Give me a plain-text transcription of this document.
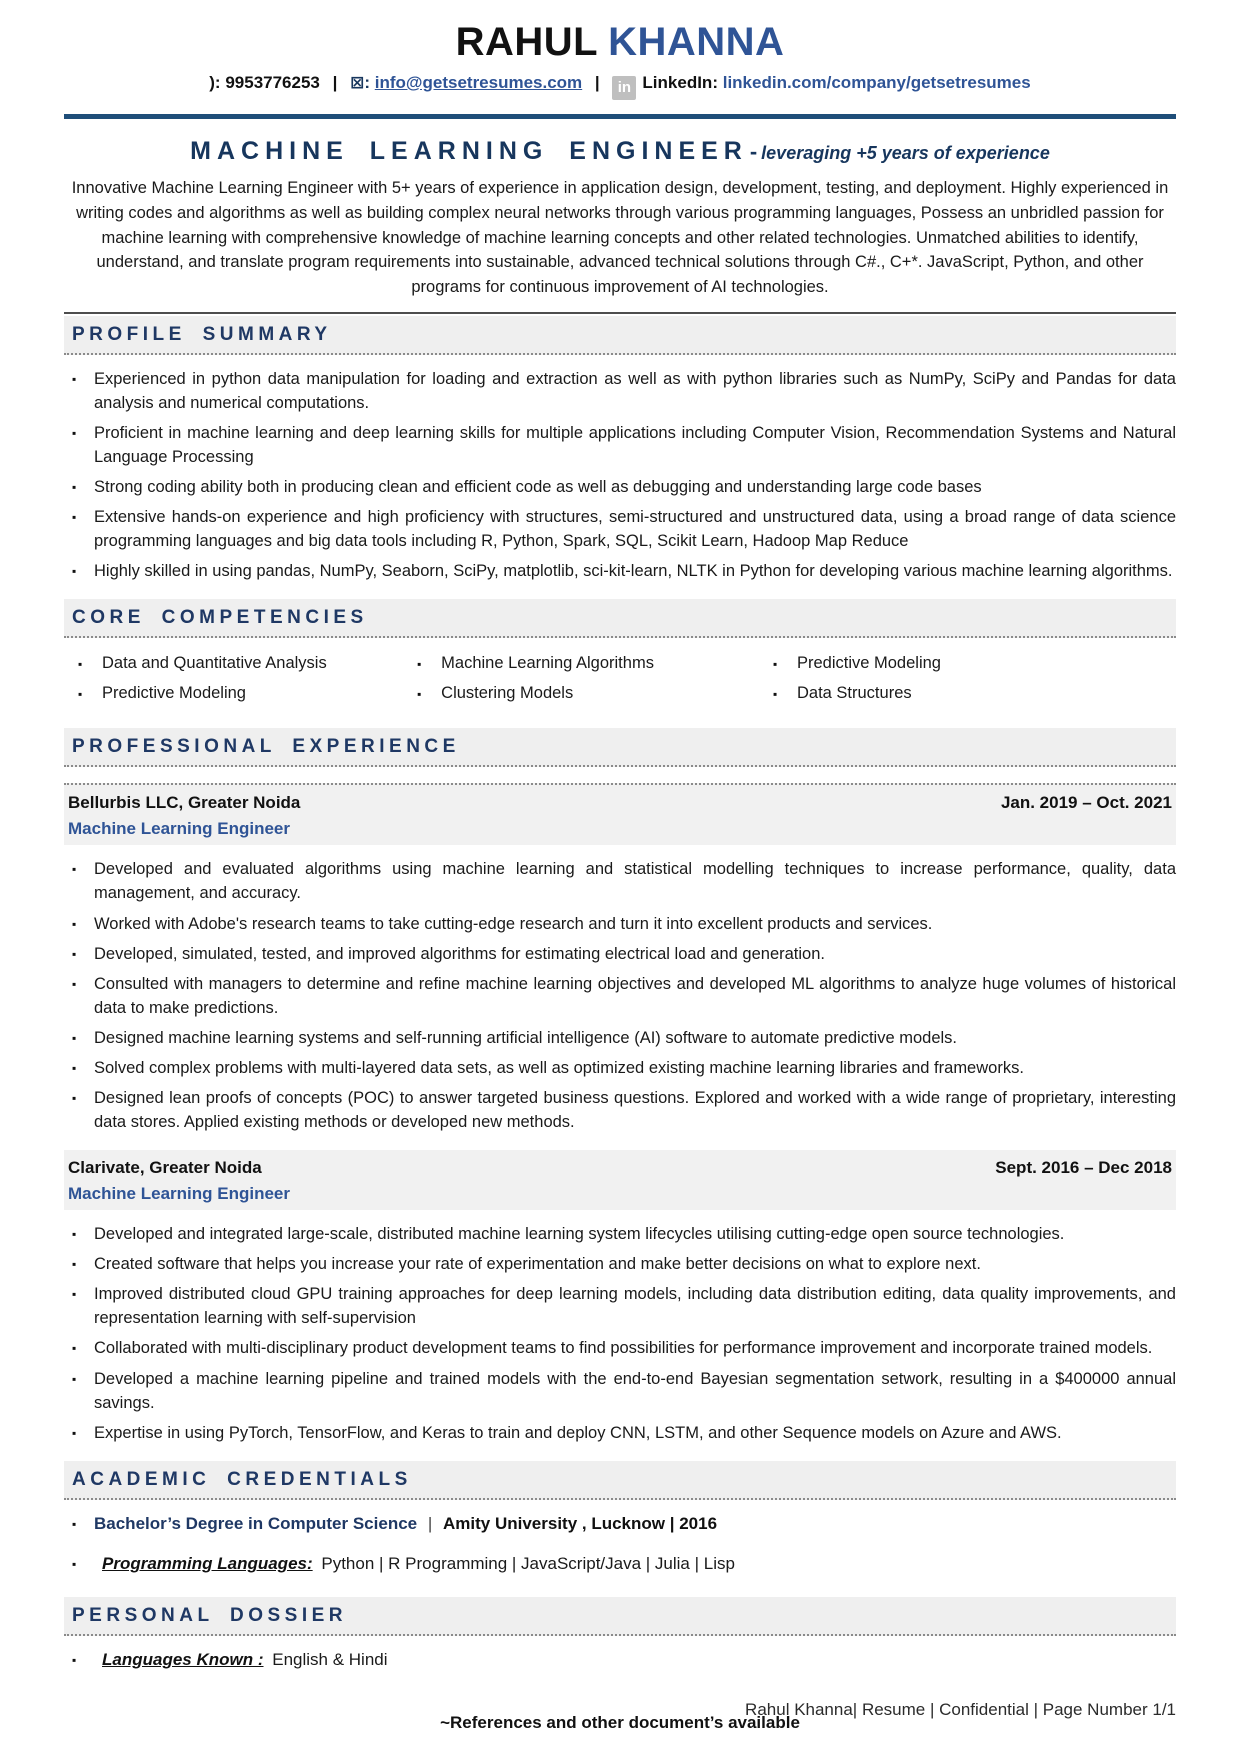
RAHUL KHANNA
): 9953776253 | ⊠: info@getsetresumes.com | in LinkedIn: linkedin.com/company/getsetresumes
MACHINE LEARNING ENGINEER- leveraging +5 years of experience

Innovative Machine Learning Engineer with 5+ years of experience in application design, development, testing, and deployment. Highly experienced in writing codes and algorithms as well as building complex neural networks through various programming languages, Possess an unbridled passion for machine learning with comprehensive knowledge of machine learning concepts and other related technologies. Unmatched abilities to identify, understand, and translate program requirements into sustainable, advanced technical solutions through C#., C+*. JavaScript, Python, and other programs for continuous improvement of AI technologies.

PROFILE SUMMARY
▪	Experienced in python data manipulation for loading and extraction as well as with python libraries such as NumPy, SciPy and Pandas for data analysis and numerical computations.
▪	Proficient in machine learning and deep learning skills for multiple applications including Computer Vision, Recommendation Systems and Natural Language Processing
▪	Strong coding ability both in producing clean and efficient code as well as debugging and understanding large code bases
▪	Extensive hands-on experience and high proficiency with structures, semi-structured and unstructured data, using a broad range of data science programming languages and big data tools including R, Python, Spark, SQL, Scikit Learn, Hadoop Map Reduce
▪	Highly skilled in using pandas, NumPy, Seaborn, SciPy, matplotlib, sci-kit-learn, NLTK in Python for developing various machine learning algorithms.
CORE COMPETENCIES
▪	Data and Quantitative Analysis	▪	Machine Learning Algorithms	▪	Predictive Modeling
▪	Predictive Modeling	▪	Clustering Models	▪	Data Structures
PROFESSIONAL EXPERIENCE
Bellurbis LLC, Greater Noida	Jan. 2019 – Oct. 2021
Machine Learning Engineer
▪	Developed and evaluated algorithms using machine learning and statistical modelling techniques to increase performance, quality, data management, and accuracy.
▪	Worked with Adobe's research teams to take cutting-edge research and turn it into excellent products and services.
▪	Developed, simulated, tested, and improved algorithms for estimating electrical load and generation.
▪	Consulted with managers to determine and refine machine learning objectives and developed ML algorithms to analyze huge volumes of historical data to make predictions.
▪	Designed machine learning systems and self-running artificial intelligence (AI) software to automate predictive models.
▪	Solved complex problems with multi-layered data sets, as well as optimized existing machine learning libraries and frameworks.
▪	Designed lean proofs of concepts (POC) to answer targeted business questions. Explored and worked with a wide range of proprietary, interesting data stores. Applied existing methods or developed new methods.
Clarivate, Greater Noida	Sept. 2016 – Dec 2018
Machine Learning Engineer
▪	Developed and integrated large-scale, distributed machine learning system lifecycles utilising cutting-edge open source technologies.
▪	Created software that helps you increase your rate of experimentation and make better decisions on what to explore next.
▪	Improved distributed cloud GPU training approaches for deep learning models, including data distribution editing, data quality improvements, and representation learning with self-supervision
▪	Collaborated with multi-disciplinary product development teams to find possibilities for performance improvement and incorporate trained models.
▪	Developed a machine learning pipeline and trained models with the end-to-end Bayesian segmentation setwork, resulting in a $400000 annual savings.
▪	Expertise in using PyTorch, TensorFlow, and Keras to train and deploy CNN, LSTM, and other Sequence models on Azure and AWS.
ACADEMIC CREDENTIALS
▪	Bachelor’s Degree in Computer Science | Amity University , Lucknow | 2016
▪	Programming Languages: Python | R Programming | JavaScript/Java | Julia | Lisp
PERSONAL DOSSIER
▪	Languages Known : English & Hindi
~References and other document’s available
Rahul Khanna| Resume | Confidential | Page Number 1/1
